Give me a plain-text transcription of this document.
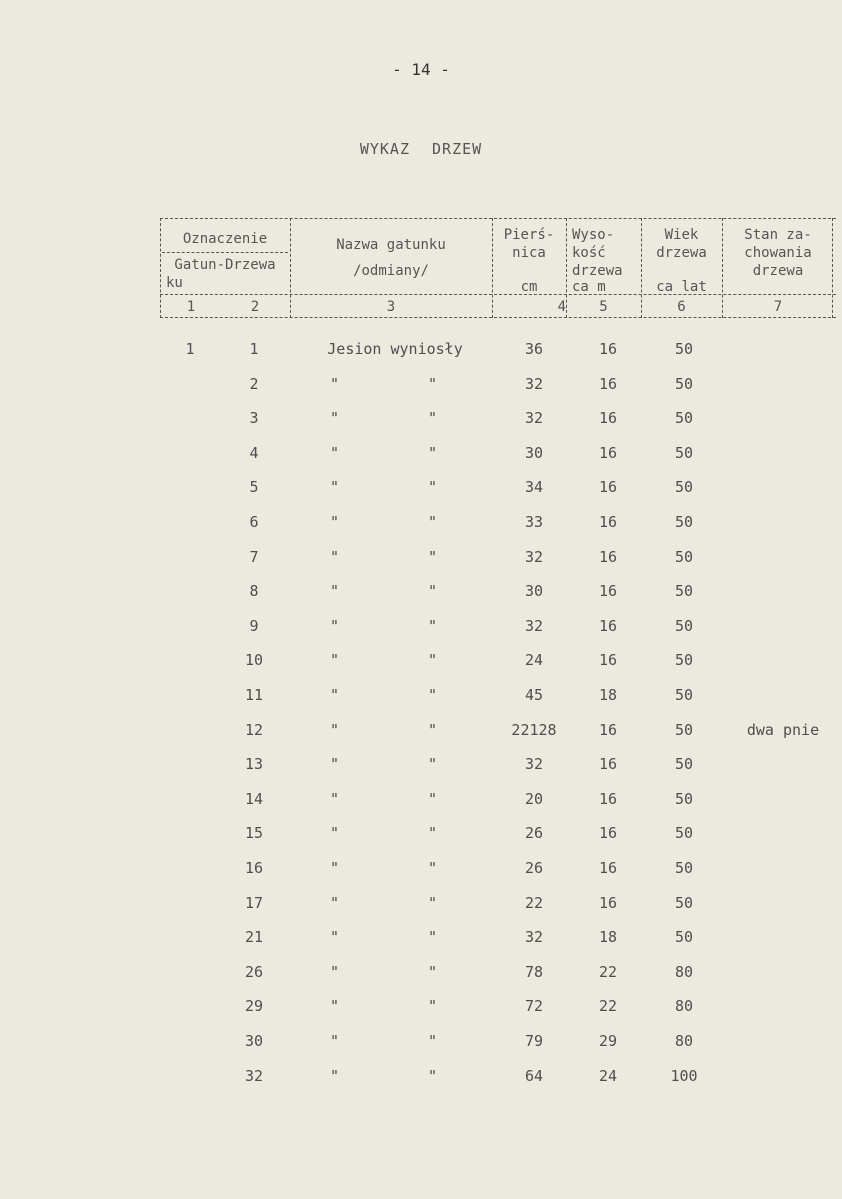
- 14 -
WYKAZ DRZEW
Oznaczenie
Gatun-Drzewa
ku
Nazwa gatunku
/odmiany/
Pierś-
nica
cm
Wyso-
kość
drzewa
ca m
Wiek
drzewa
ca lat
Stan za-
chowania
drzewa
1	2	3	4	5	6	7
1	1	Jesion wyniosły	36	16	50
2	"	"	32	16	50
3	"	"	32	16	50
4	"	"	30	16	50
5	"	"	34	16	50
6	"	"	33	16	50
7	"	"	32	16	50
8	"	"	30	16	50
9	"	"	32	16	50
10	"	"	24	16	50
11	"	"	45	18	50
12	"	"	22128	16	50	dwa pnie
13	"	"	32	16	50
14	"	"	20	16	50
15	"	"	26	16	50
16	"	"	26	16	50
17	"	"	22	16	50
21	"	"	32	18	50
26	"	"	78	22	80
29	"	"	72	22	80
30	"	"	79	29	80
32	"	"	64	24	100
